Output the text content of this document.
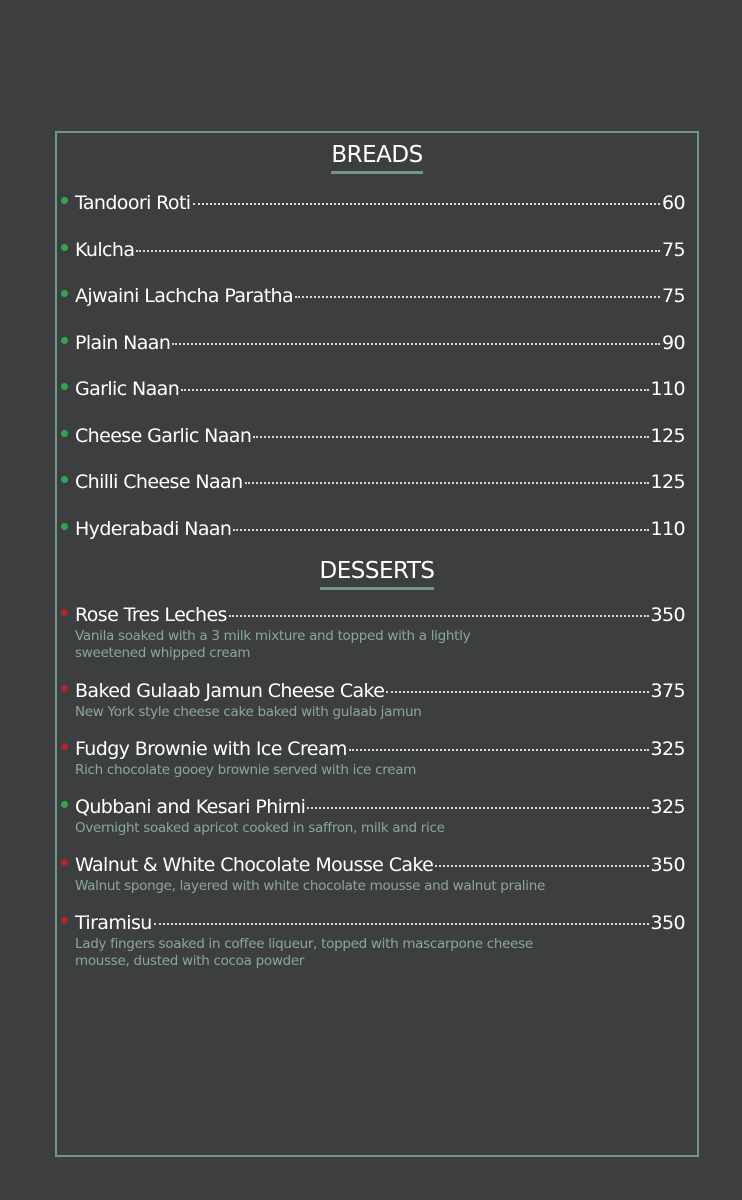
BREADS
Tandoori Roti	60
Kulcha	75
Ajwaini Lachcha Paratha	75
Plain Naan	90
Garlic Naan	110
Cheese Garlic Naan	125
Chilli Cheese Naan	125
Hyderabadi Naan	110
DESSERTS
Rose Tres Leches	350
Vanila soaked with a 3 milk mixture and topped with a lightly sweetened whipped cream
Baked Gulaab Jamun Cheese Cake	375
New York style cheese cake baked with gulaab jamun
Fudgy Brownie with Ice Cream	325
Rich chocolate gooey brownie served with ice cream
Qubbani and Kesari Phirni	325
Overnight soaked apricot cooked in saffron, milk and rice
Walnut & White Chocolate Mousse Cake	350
Walnut sponge, layered with white chocolate mousse and walnut praline
Tiramisu	350
Lady fingers soaked in coffee liqueur, topped with mascarpone cheese mousse, dusted with cocoa powder
